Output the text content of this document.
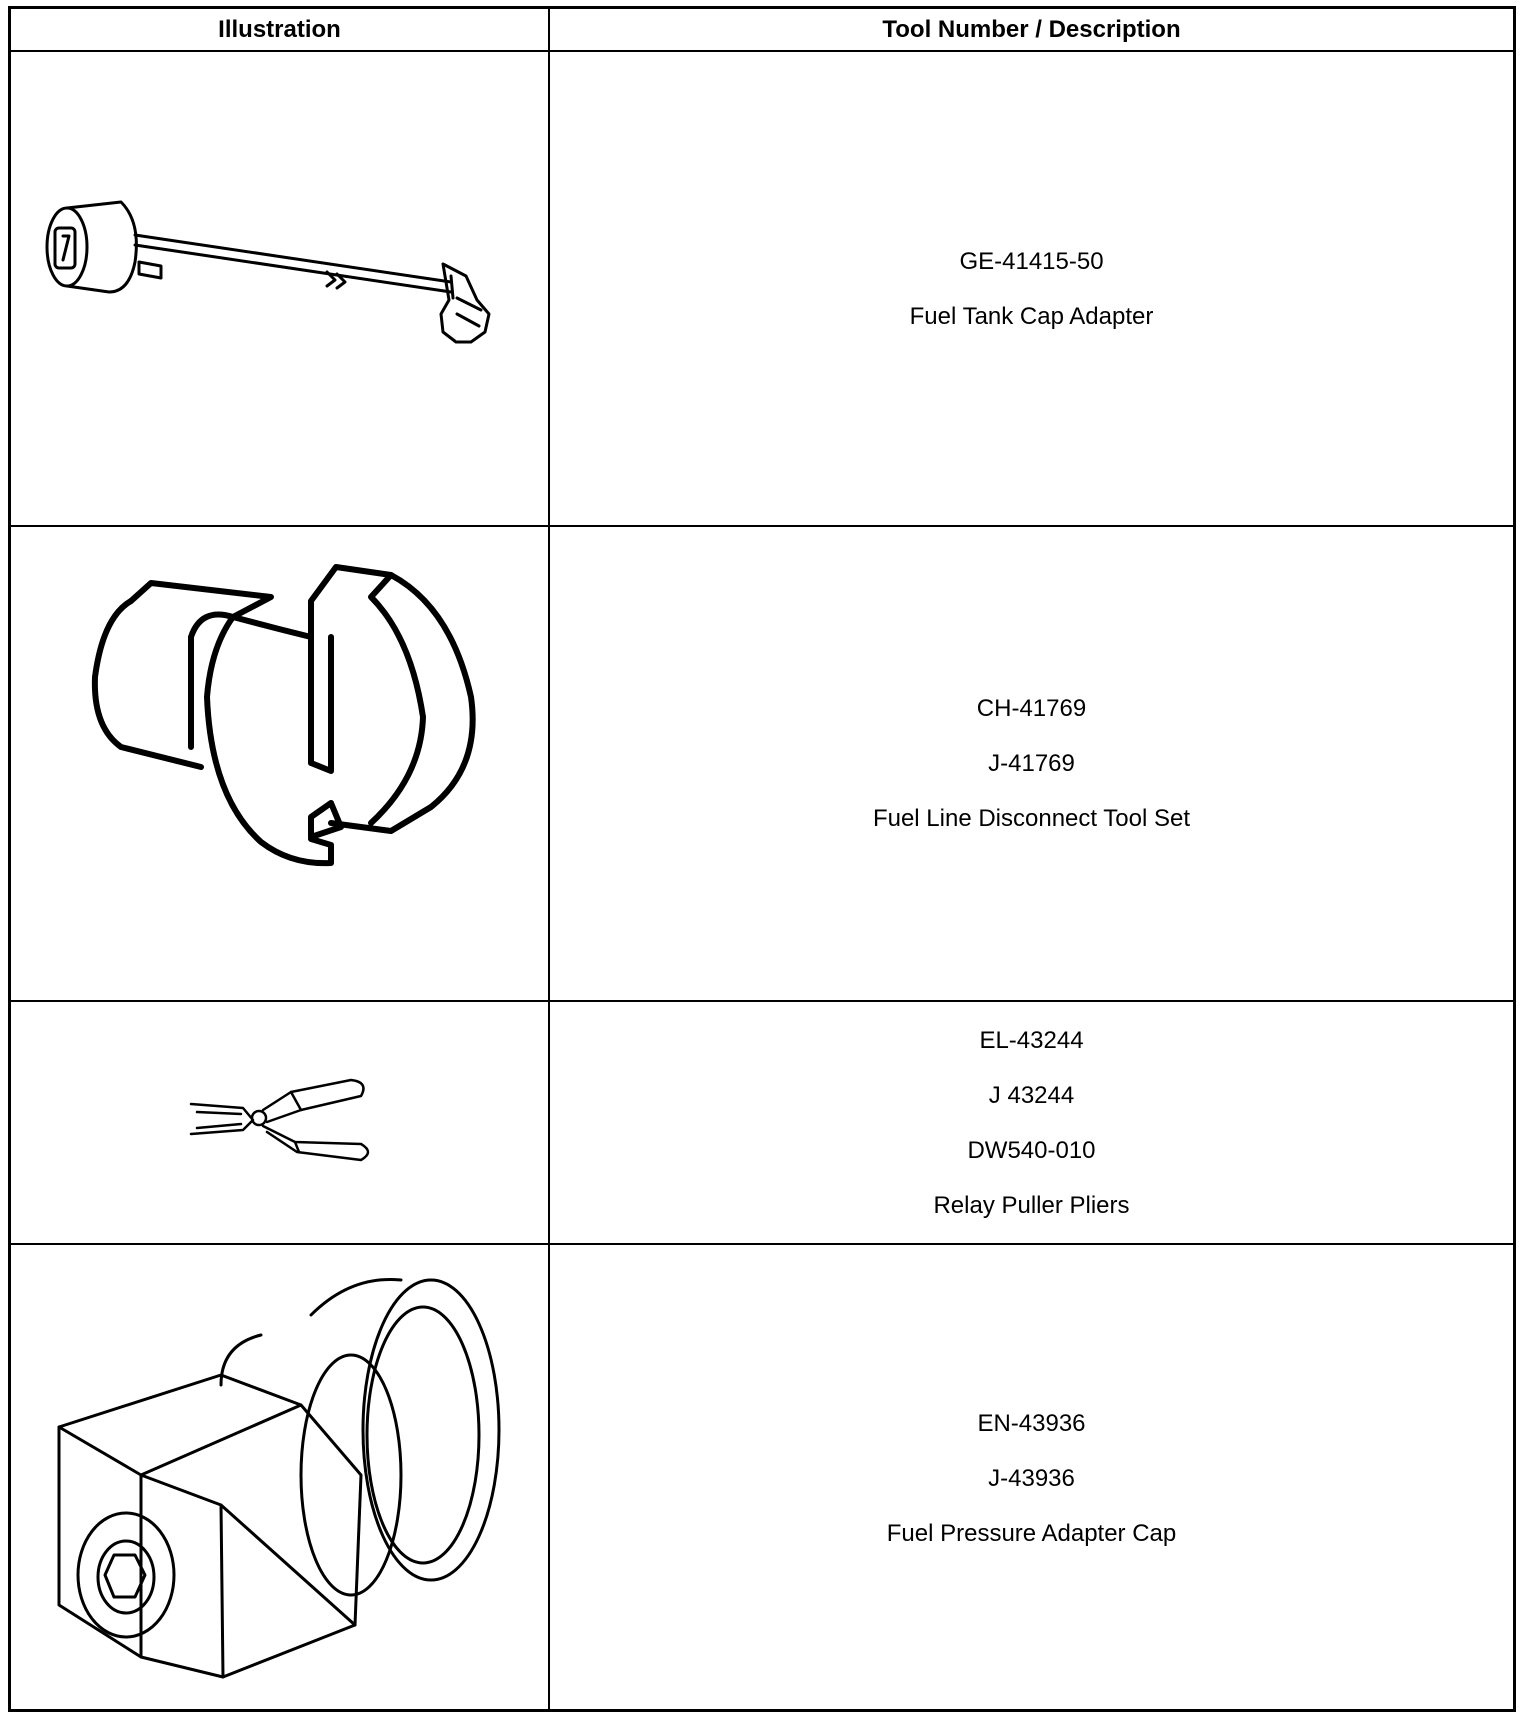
Illustration	Tool Number / Description
GE-41415-50
Fuel Tank Cap Adapter
CH-41769
J-41769
Fuel Line Disconnect Tool Set
EL-43244
J 43244
DW540-010
Relay Puller Pliers
EN-43936
J-43936
Fuel Pressure Adapter Cap
